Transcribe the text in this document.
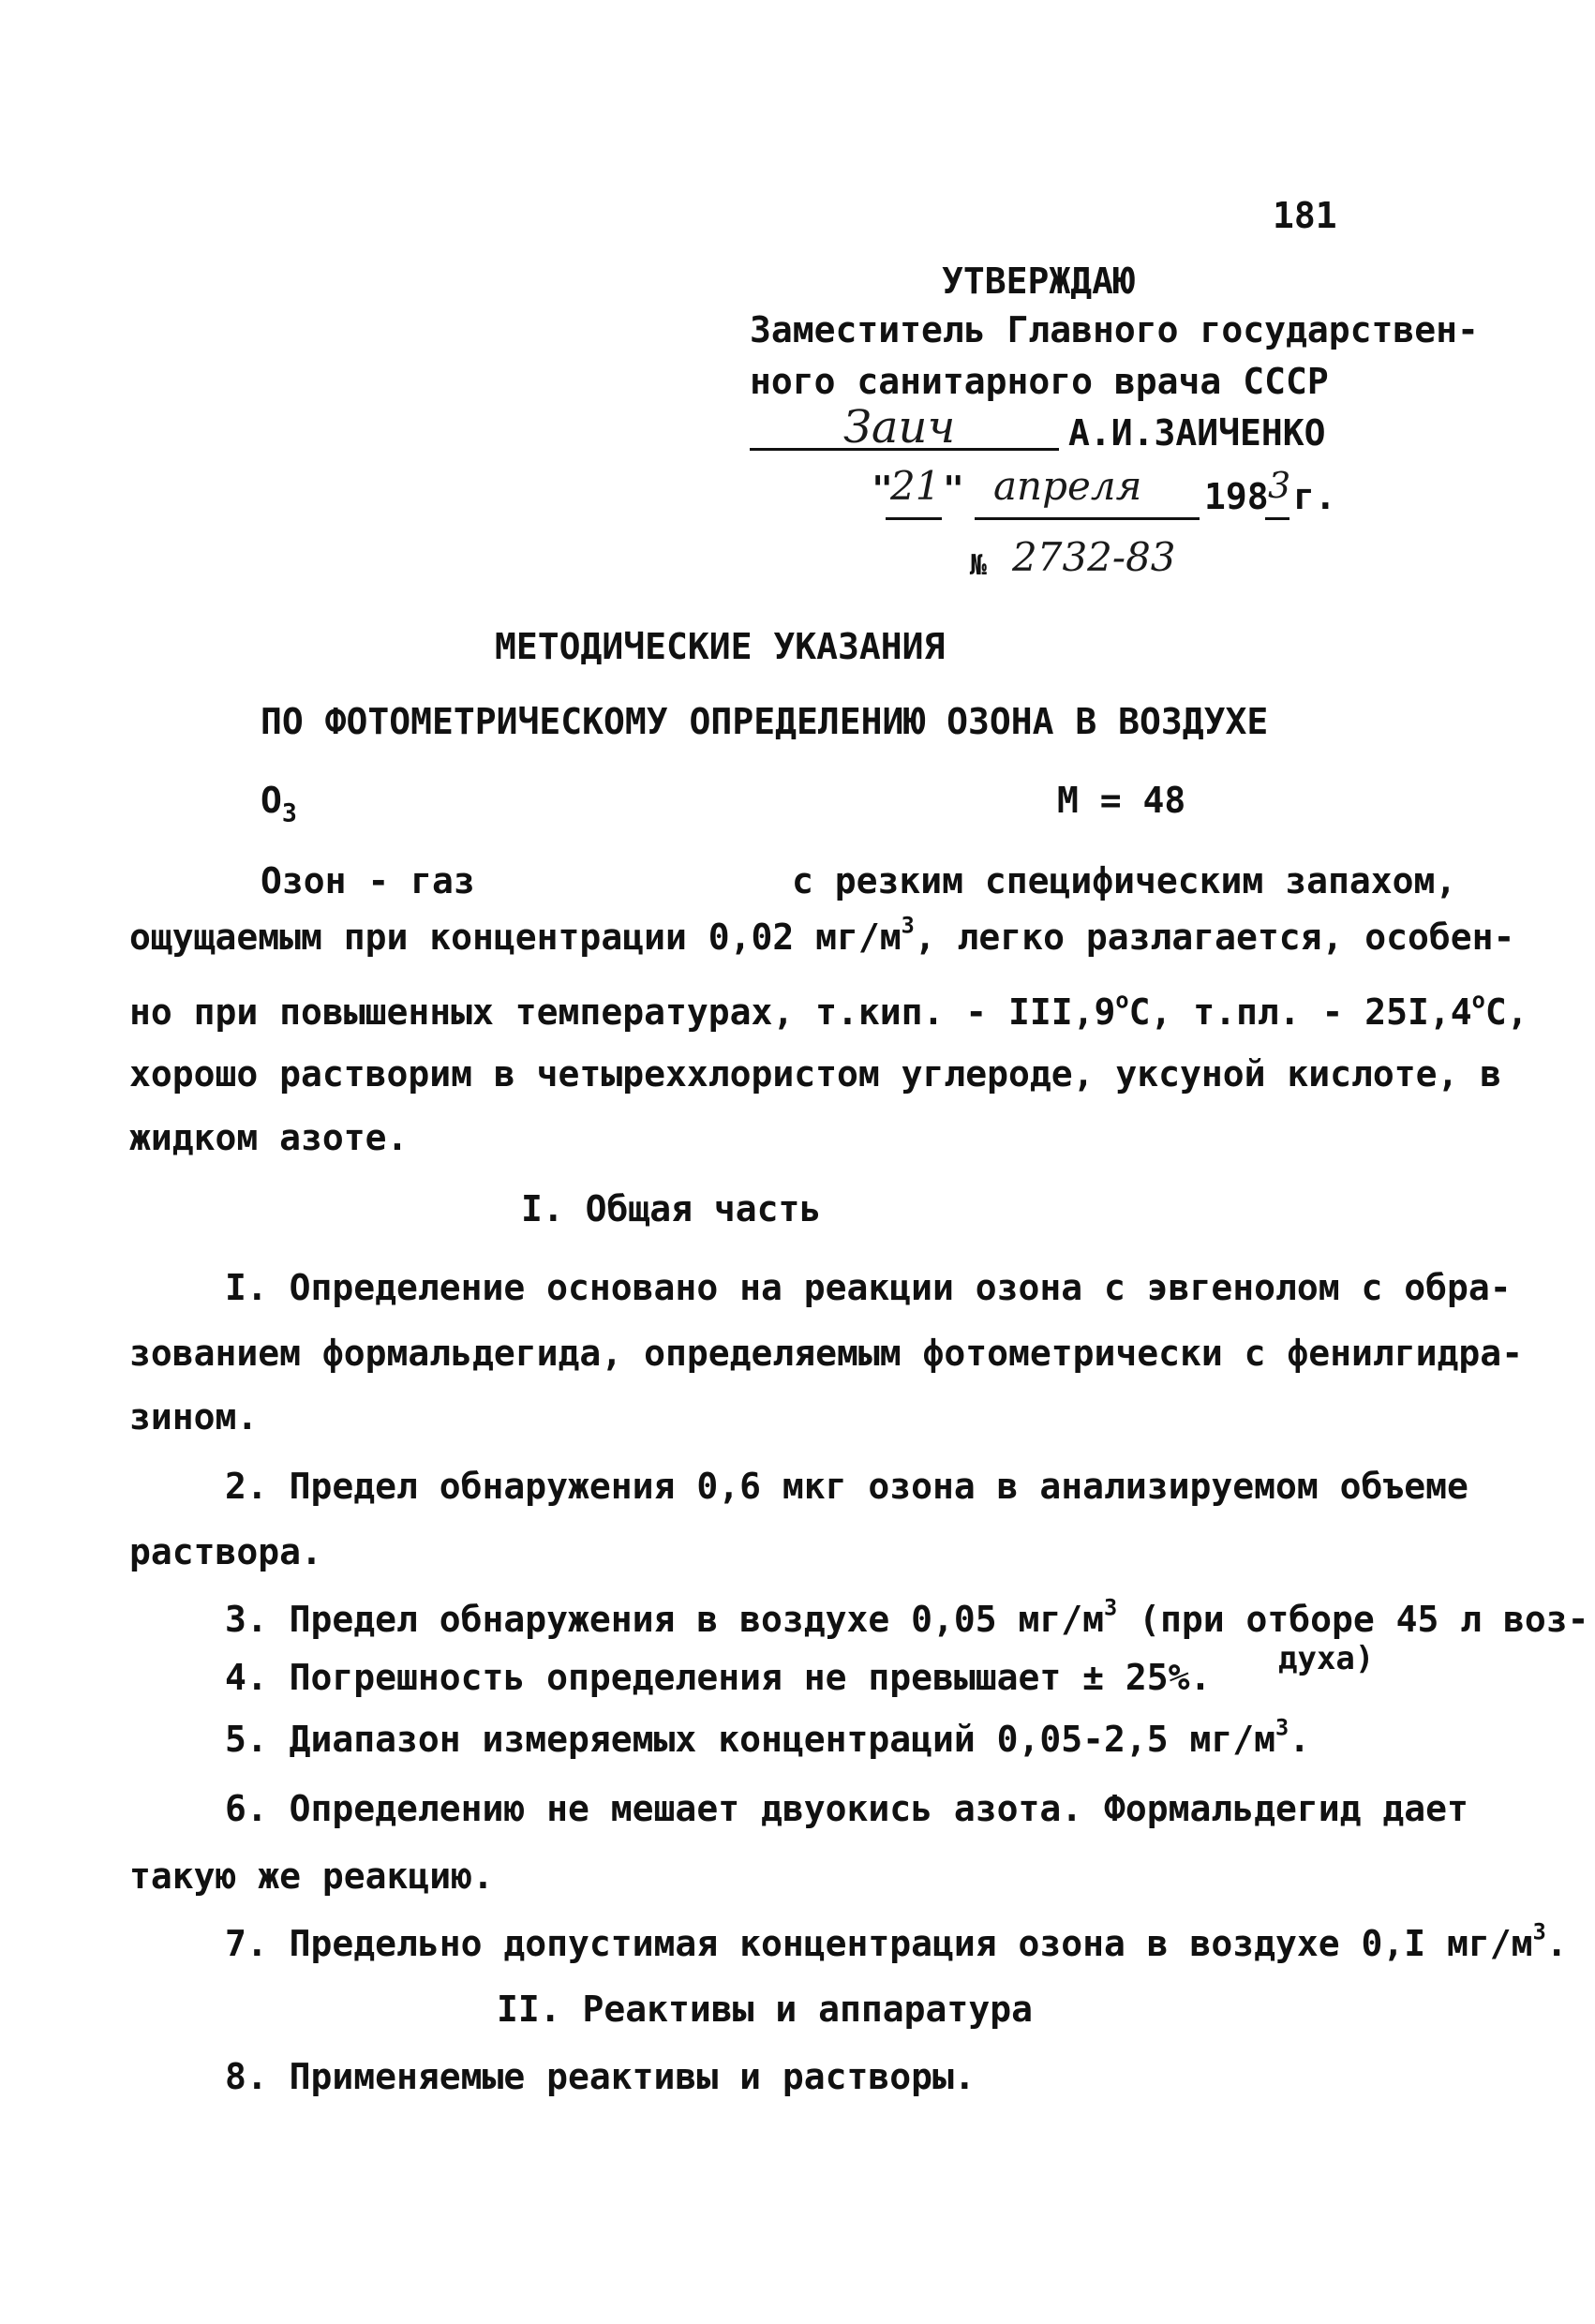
181
УТВЕРЖДАЮ
Заместитель Главного государствен-
ного санитарного врача СССР
Заич	А.И.ЗАИЧЕНКО
"
21 " апреля 198 3 г.
№ 2732-83
МЕТОДИЧЕСКИЕ УКАЗАНИЯ
ПО ФОТОМЕТРИЧЕСКОМУ ОПРЕДЕЛЕНИЮ ОЗОНА В ВОЗДУХЕ
$O_3$	M = 48
Озон - газ	с резким специфическим запахом,
ощущаемым при концентрации 0,02 $мг/м^3$, легко разлагается, особен-
но при повышенных температурах, т.кип. - III,9$^o$С, т.пл. - 25I,4$^o$С,
хорошо растворим в четыреххлористом углероде, уксуной кислоте, в
жидком азоте.
I. Общая часть
I. Определение основано на реакции озона с эвгенолом с обра-
зованием формальдегида, определяемым фотометрически с фенилгидра-
зином.
2. Предел обнаружения 0,6 мкг озона в анализируемом объеме
раствора.
3. Предел обнаружения в воздухе 0,05 $мг/м^3$ (при отборе 45 л воз-
духа)
4. Погрешность определения не превышает ± 25%.
5. Диапазон измеряемых концентраций 0,05-2,5 $мг/м^3$.
6. Определению не мешает двуокись азота. Формальдегид дает
такую же реакцию.
7. Предельно допустимая концентрация озона в воздухе 0,I $мг/м^3$.
II. Реактивы и аппаратура
8. Применяемые реактивы и растворы.
